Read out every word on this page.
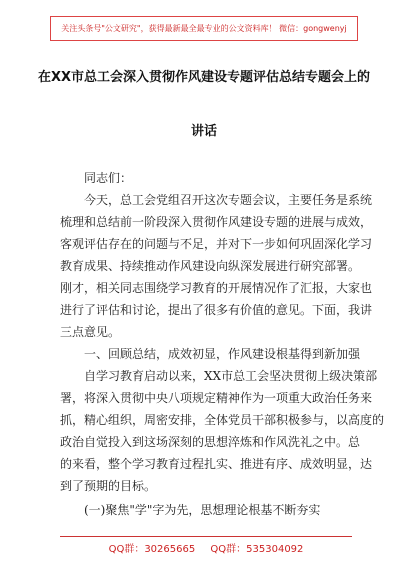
关注头条号"公文研究"，获得最新最全最专业的公文资料库！ 微信：gongwenyj
在XX市总工会深入贯彻作风建设专题评估总结专题会上的
讲话
同志们：
今天，总工会党组召开这次专题会议，主要任务是系统
梳理和总结前一阶段深入贯彻作风建设专题的进展与成效，
客观评估存在的问题与不足，并对下一步如何巩固深化学习
教育成果、持续推动作风建设向纵深发展进行研究部署。
刚才，相关同志围绕学习教育的开展情况作了汇报，大家也
进行了评估和讨论，提出了很多有价值的意见。下面，我讲
三点意见。
一、回顾总结，成效初显，作风建设根基得到新加强
自学习教育启动以来，XX市总工会坚决贯彻上级决策部
署，将深入贯彻中央八项规定精神作为一项重大政治任务来
抓，精心组织，周密安排，全体党员干部积极参与，以高度的
政治自觉投入到这场深刻的思想淬炼和作风洗礼之中。总
的来看，整个学习教育过程扎实、推进有序、成效明显，达
到了预期的目标。
(一)聚焦"学"字为先，思想理论根基不断夯实
QQ群：30265665 QQ群：535304092
